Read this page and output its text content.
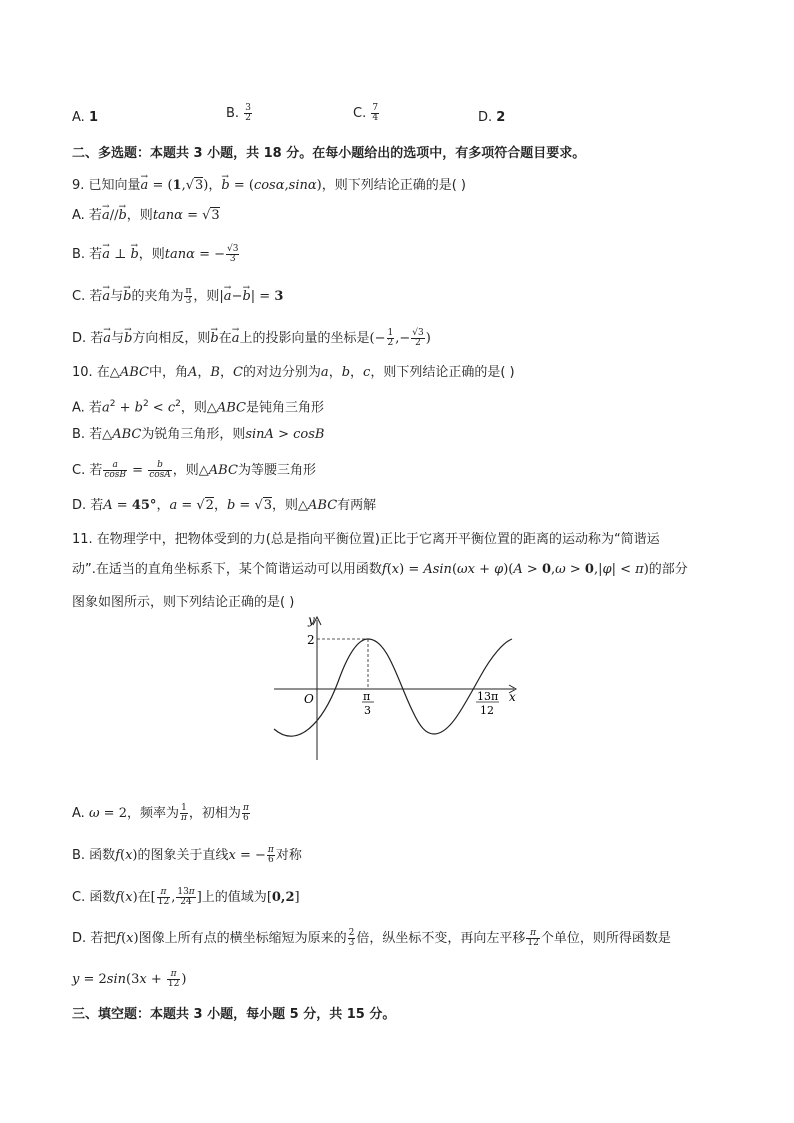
A. 1	B. $\frac{3}{2}$	C. $\frac{7}{4}$	D. 2
二、多选题：本题共 3 小题，共 18 分。在每小题给出的选项中，有多项符合题目要求。
9. 已知向量→ a = (1,√3)，→ b = (cosα,sinα)，则下列结论正确的是( )
A. 若→ a//→ b，则tanα = √3
B. 若→ a ⊥ → b，则tanα = − $\frac{√3}{3}$
C. 若→ a与→ b的夹角为 $\frac{\pi}{3}$ ，则|→ a−→ b| = 3
D. 若→ a与→ b方向相反，则→ b在→ a上的投影向量的坐标是(− $\frac{1}{2}$ ,− $\frac{√3}{2}$ )
10. 在△ABC中，角A，B，C的对边分别为a，b，c，则下列结论正确的是( )
A. 若$a^2 + b^2 < c^2$，则△ABC是钝角三角形
B. 若△ABC为锐角三角形，则sinA > cosB
C. 若 $\frac{a}{\cos B} = \frac{b}{\cos A}$ ，则△ABC为等腰三角形
D. 若A = 45°，a = √2，b = √3，则△ABC有两解
11. 在物理学中，把物体受到的力(总是指向平衡位置)正比于它离开平衡位置的距离的运动称为“简谐运
动”.在适当的直角坐标系下，某个简谐运动可以用函数f(x) = Asin(ωx + φ)(A > 0,ω > 0,|φ| < π)的部分
图象如图所示，则下列结论正确的是( )
y
x
O
2
π
3
13π
12
A. ω = 2，频率为 $\frac{1}{\pi}$ ，初相为 $\frac{\pi}{6}$
B. 函数f(x)的图象关于直线x = − $\frac{\pi}{6}$ 对称
C. 函数f(x)在[ $\frac{\pi}{12}$ , $\frac{13\pi}{24}$ ]上的值域为[0,2]
D. 若把f(x)图像上所有点的横坐标缩短为原来的 $\frac{2}{3}$ 倍，纵坐标不变，再向左平移 $\frac{\pi}{12}$ 个单位，则所得函数是
$y = 2\sin(3x + \frac{\pi}{12}$ )
三、填空题：本题共 3 小题，每小题 5 分，共 15 分。
